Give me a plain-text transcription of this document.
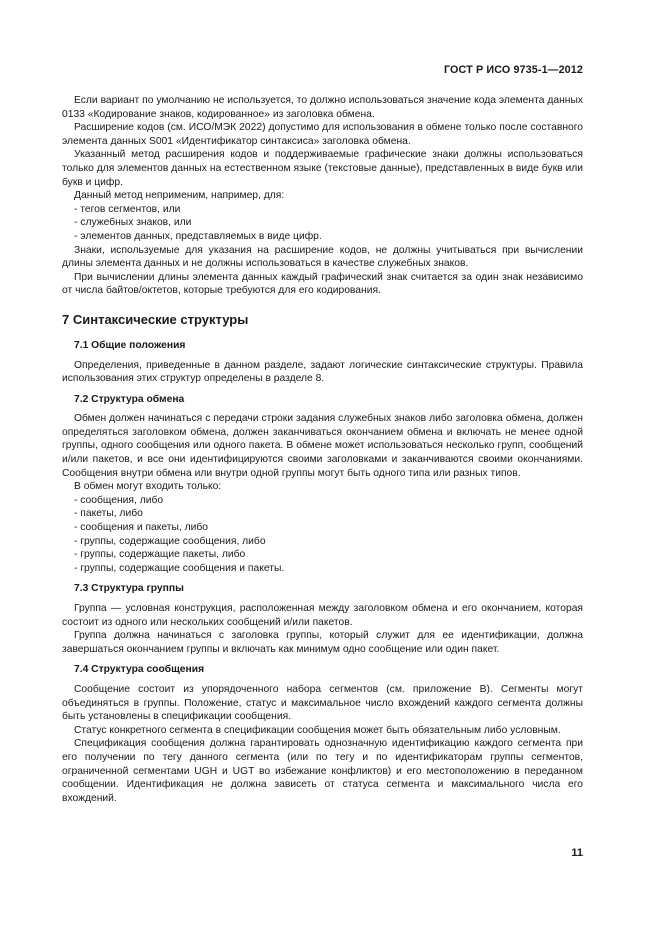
ГОСТ Р ИСО 9735-1—2012

Если вариант по умолчанию не используется, то должно использоваться значение кода элемента данных 0133 «Кодирование знаков, кодированное» из заголовка обмена.

Расширение кодов (см. ИСО/МЭК 2022) допустимо для использования в обмене только после составного элемента данных S001 «Идентификатор синтаксиса» заголовка обмена.

Указанный метод расширения кодов и поддерживаемые графические знаки должны использоваться только для элементов данных на естественном языке (текстовые данные), представленных в виде букв или букв и цифр.

Данный метод неприменим, например, для:

- тегов сегментов, или

- служебных знаков, или

- элементов данных, представляемых в виде цифр.

Знаки, используемые для указания на расширение кодов, не должны учитываться при вычислении длины элемента данных и не должны использоваться в качестве служебных знаков.

При вычислении длины элемента данных каждый графический знак считается за один знак независимо от числа байтов/октетов, которые требуются для его кодирования.

7 Синтаксические структуры
7.1 Общие положения

Определения, приведенные в данном разделе, задают логические синтаксические структуры. Правила использования этих структур определены в разделе 8.

7.2 Структура обмена

Обмен должен начинаться с передачи строки задания служебных знаков либо заголовка обмена, должен определяться заголовком обмена, должен заканчиваться окончанием обмена и включать не менее одной группы, одного сообщения или одного пакета. В обмене может использоваться несколько групп, сообщений и/или пакетов, и все они идентифицируются своими заголовками и заканчиваются своими окончаниями. Сообщения внутри обмена или внутри одной группы могут быть одного типа или разных типов.

В обмен могут входить только:

- сообщения, либо

- пакеты, либо

- сообщения и пакеты, либо

- группы, содержащие сообщения, либо

- группы, содержащие пакеты, либо

- группы, содержащие сообщения и пакеты.

7.3 Структура группы

Группа — условная конструкция, расположенная между заголовком обмена и его окончанием, которая состоит из одного или нескольких сообщений и/или пакетов.

Группа должна начинаться с заголовка группы, который служит для ее идентификации, должна завершаться окончанием группы и включать как минимум одно сообщение или один пакет.

7.4 Структура сообщения

Сообщение состоит из упорядоченного набора сегментов (см. приложение В). Сегменты могут объединяться в группы. Положение, статус и максимальное число вхождений каждого сегмента должны быть установлены в спецификации сообщения.

Статус конкретного сегмента в спецификации сообщения может быть обязательным либо условным.

Спецификация сообщения должна гарантировать однозначную идентификацию каждого сегмента при его получении по тегу данного сегмента (или по тегу и по идентификаторам группы сегментов, ограниченной сегментами UGH и UGT во избежание конфликтов) и его местоположению в переданном сообщении. Идентификация не должна зависеть от статуса сегмента и максимального числа его вхождений.

11
